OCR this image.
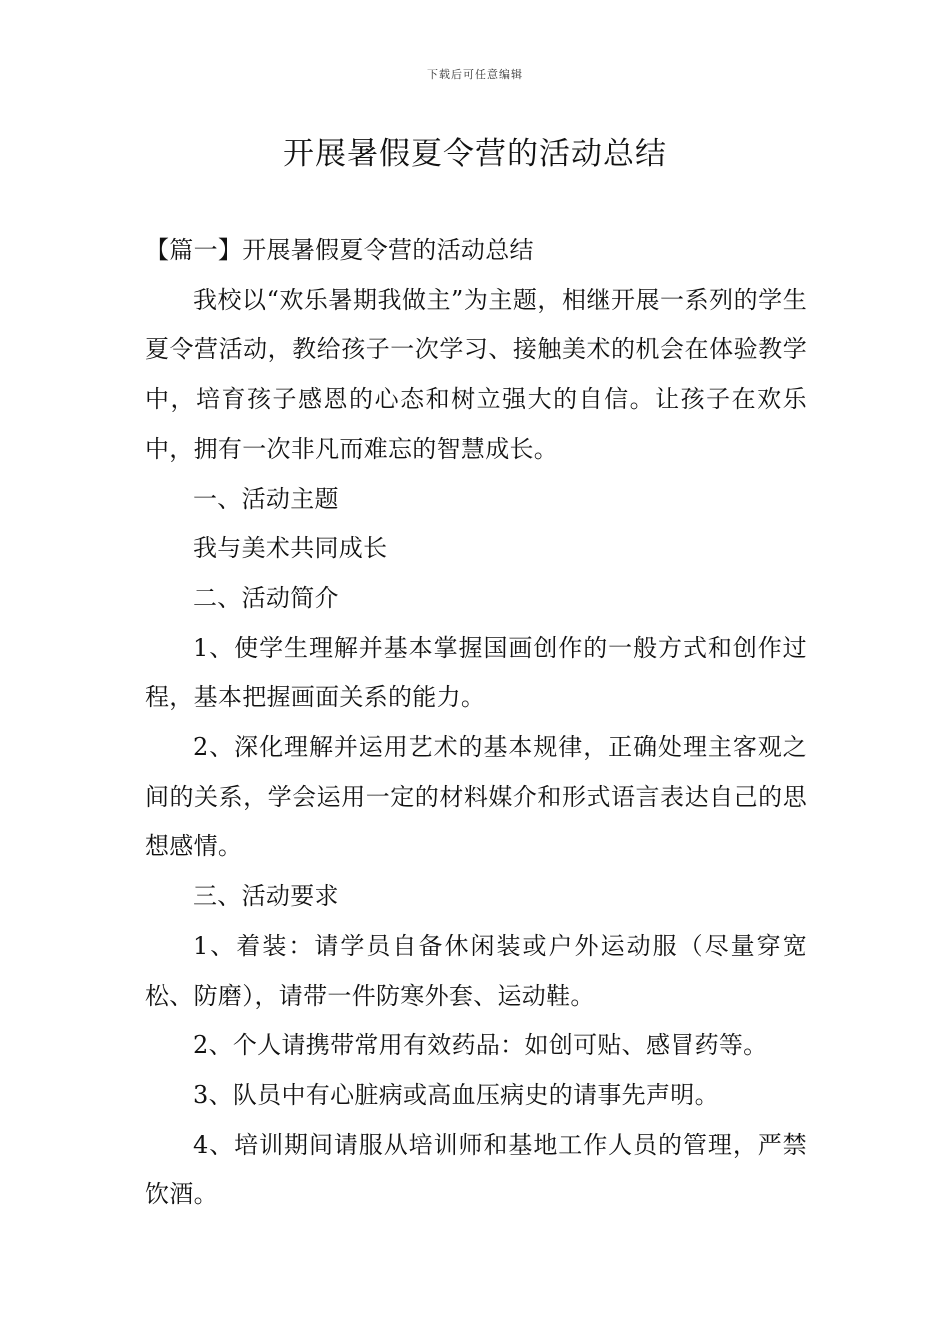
下载后可任意编辑
开展暑假夏令营的活动总结

【篇一】开展暑假夏令营的活动总结

我校以“欢乐暑期我做主”为主题，相继开展一系列的学生夏令营活动，教给孩子一次学习、接触美术的机会在体验教学中，培育孩子感恩的心态和树立强大的自信。让孩子在欢乐中，拥有一次非凡而难忘的智慧成长。

一、活动主题

我与美术共同成长

二、活动简介

1、使学生理解并基本掌握国画创作的一般方式和创作过程，基本把握画面关系的能力。

2、深化理解并运用艺术的基本规律，正确处理主客观之间的关系，学会运用一定的材料媒介和形式语言表达自己的思想感情。

三、活动要求

1、着装：请学员自备休闲装或户外运动服（尽量穿宽松、防磨），请带一件防寒外套、运动鞋。

2、个人请携带常用有效药品：如创可贴、感冒药等。

3、队员中有心脏病或高血压病史的请事先声明。

4、培训期间请服从培训师和基地工作人员的管理，严禁饮酒。
